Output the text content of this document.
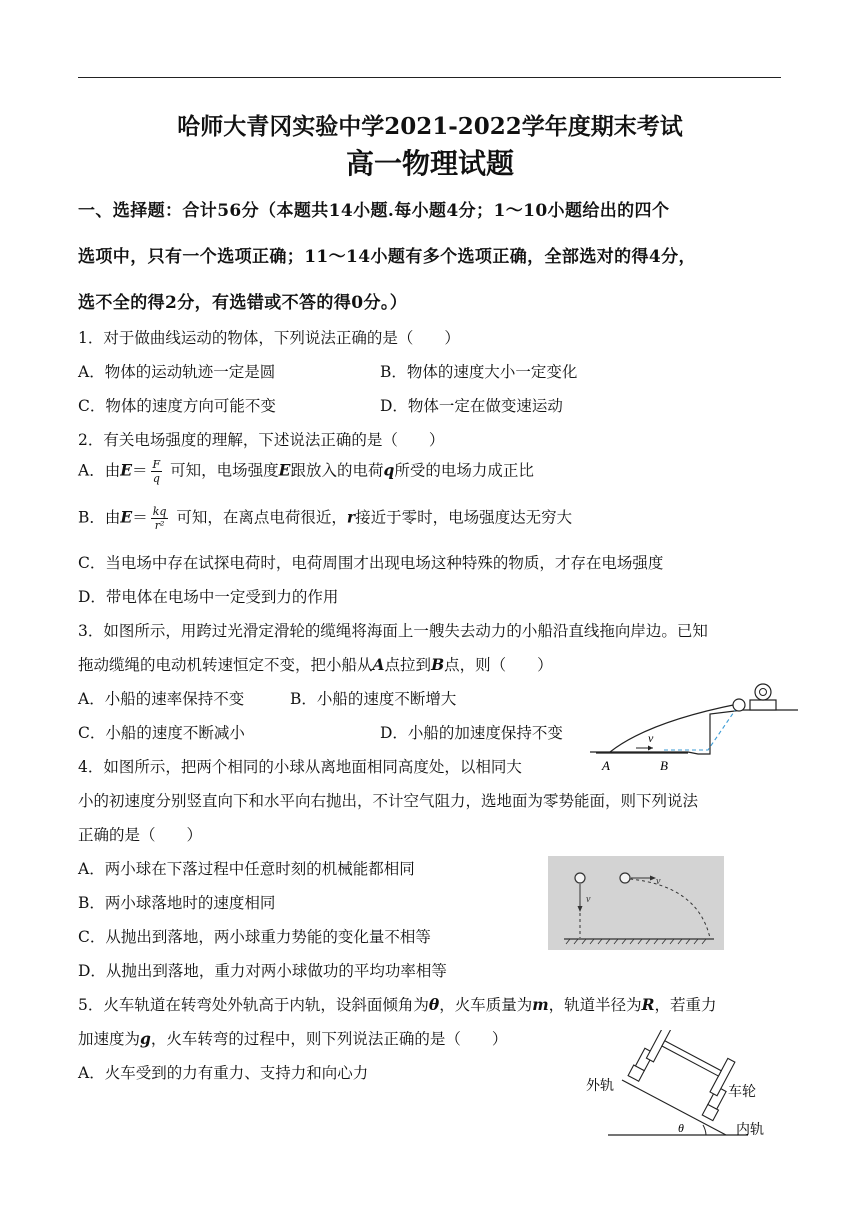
哈师大青冈实验中学2021-2022学年度期末考试
高一物理试题
一、选择题：合计56分（本题共14小题.每小题4分；1～10小题给出的四个
选项中，只有一个选项正确；11～14小题有多个选项正确，全部选对的得4分，
选不全的得2分，有选错或不答的得0分。）
1．对于做曲线运动的物体，下列说法正确的是（　　）
A．物体的运动轨迹一定是圆	B．物体的速度大小一定变化
C．物体的速度方向可能不变	D．物体一定在做变速运动
2．有关电场强度的理解，下述说法正确的是（　　）
A．由$E= \frac{F}{q}$ 可知，电场强度E跟放入的电荷q所受的电场力成正比
B．由$E= \frac{kq}{\text{r²}}$ 可知，在离点电荷很近，r接近于零时，电场强度达无穷大
C．当电场中存在试探电荷时，电荷周围才出现电场这种特殊的物质，才存在电场强度
D．带电体在电场中一定受到力的作用
3．如图所示，用跨过光滑定滑轮的缆绳将海面上一艘失去动力的小船沿直线拖向岸边。已知
拖动缆绳的电动机转速恒定不变，把小船从A点拉到B点，则（　　）
A．小船的速率保持不变	B．小船的速度不断增大
C．小船的速度不断减小	D．小船的加速度保持不变	v
A	B
4．如图所示，把两个相同的小球从离地面相同高度处，以相同大
小的初速度分别竖直向下和水平向右抛出，不计空气阻力，选地面为零势能面，则下列说法
正确的是（　　）
A．两小球在下落过程中任意时刻的机械能都相同
B．两小球落地时的速度相同
C．从抛出到落地，两小球重力势能的变化量不相等
D．从抛出到落地，重力对两小球做功的平均功率相等
v
v
5．火车轨道在转弯处外轨高于内轨，设斜面倾角为θ，火车质量为m，轨道半径为R，若重力
加速度为g，火车转弯的过程中，则下列说法正确的是（　　）
A．火车受到的力有重力、支持力和向心力
θ
外轨	车轮
内轨
